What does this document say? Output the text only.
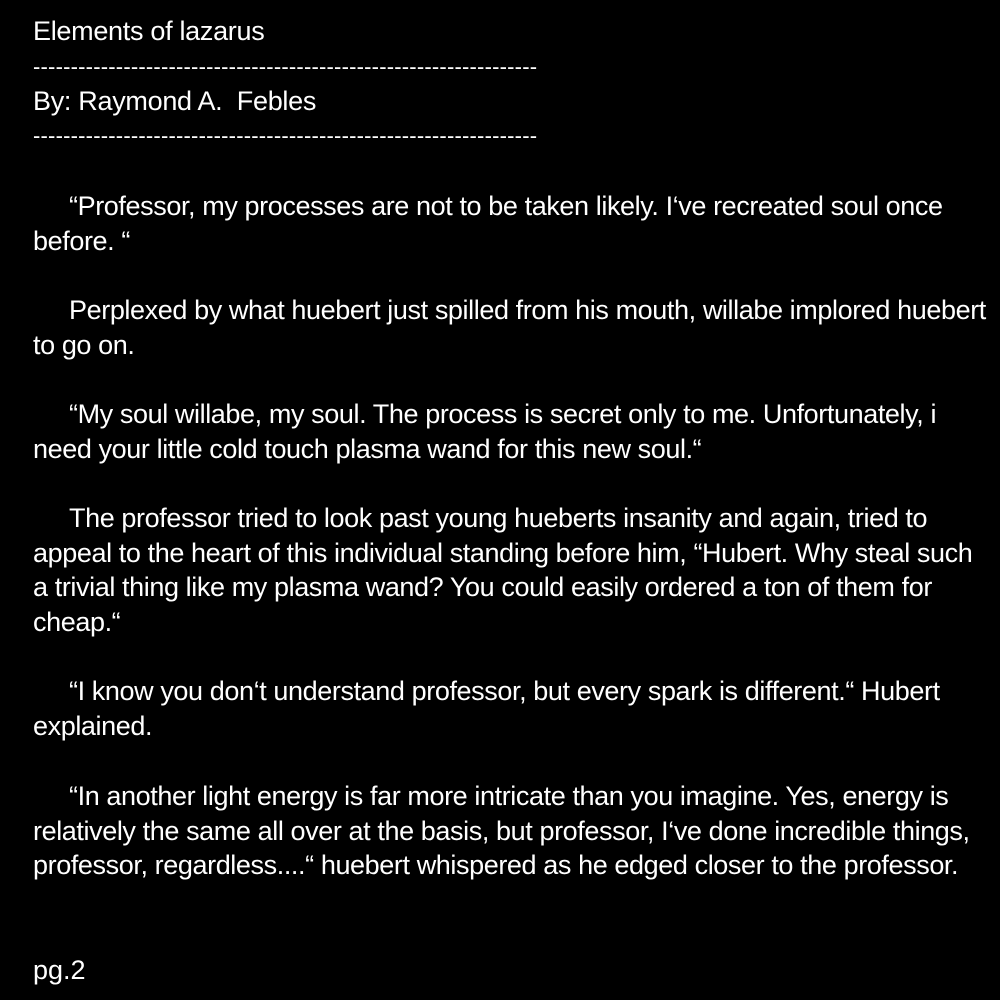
Elements of lazarus
-------------------------------------------------------------------
By: Raymond A.  Febles
-------------------------------------------------------------------
“Professor, my processes are not to be taken likely. I‘ve recreated soul once before. “
Perplexed by what huebert just spilled from his mouth, willabe implored huebert to go on.
“My soul willabe, my soul. The process is secret only to me. Unfortunately, i need your little cold touch plasma wand for this new soul.“
The professor tried to look past young hueberts insanity and again, tried to appeal to the heart of this individual standing before him, “Hubert. Why steal such a trivial thing like my plasma wand? You could easily ordered a ton of them for cheap.“
“I know you don‘t understand professor, but every spark is different.“ Hubert explained.
“In another light energy is far more intricate than you imagine. Yes, energy is relatively the same all over at the basis, but professor, I‘ve done incredible things, professor, regardless....“ huebert whispered as he edged closer to the professor.
pg.2
